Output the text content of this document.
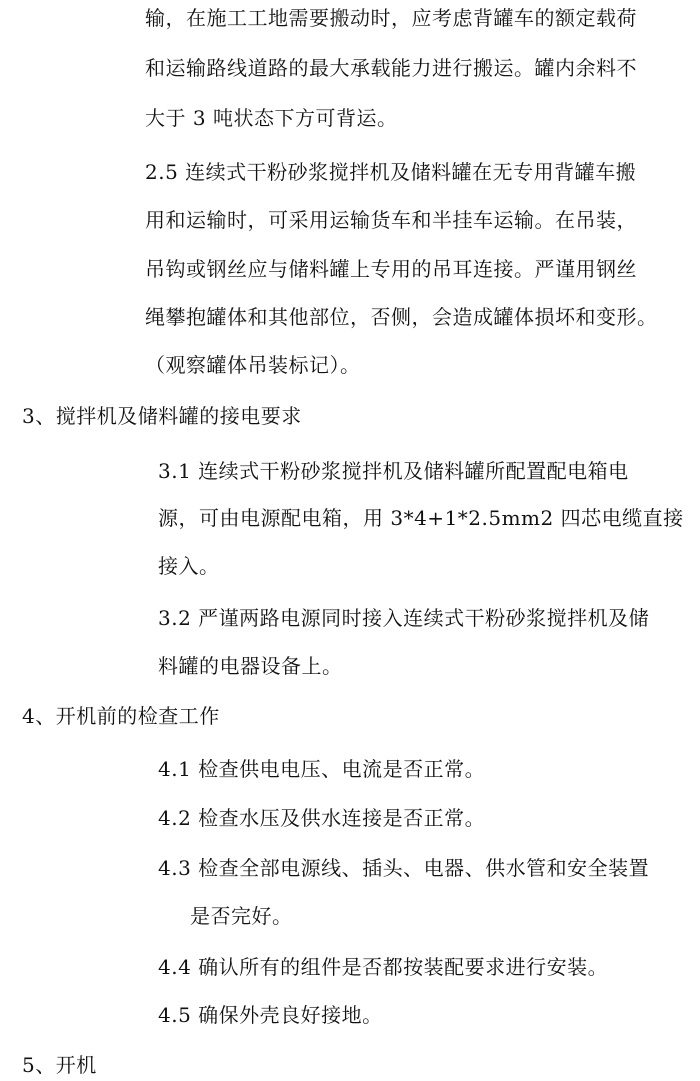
输，在施工工地需要搬动时，应考虑背罐车的额定载荷
和运输路线道路的最大承载能力进行搬运。罐内余料不
大于 3 吨状态下方可背运。
2.5 连续式干粉砂浆搅拌机及储料罐在无专用背罐车搬
用和运输时，可采用运输货车和半挂车运输。在吊装，
吊钩或钢丝应与储料罐上专用的吊耳连接。严谨用钢丝
绳攀抱罐体和其他部位，否侧，会造成罐体损坏和变形。
（观察罐体吊装标记）。
3、搅拌机及储料罐的接电要求
3.1 连续式干粉砂浆搅拌机及储料罐所配置配电箱电
源，可由电源配电箱，用 3*4+1*2.5mm2 四芯电缆直接
接入。
3.2 严谨两路电源同时接入连续式干粉砂浆搅拌机及储
料罐的电器设备上。
4、开机前的检查工作
4.1 检查供电电压、电流是否正常。
4.2 检查水压及供水连接是否正常。
4.3 检查全部电源线、插头、电器、供水管和安全装置
是否完好。
4.4 确认所有的组件是否都按装配要求进行安装。
4.5 确保外壳良好接地。
5、开机
